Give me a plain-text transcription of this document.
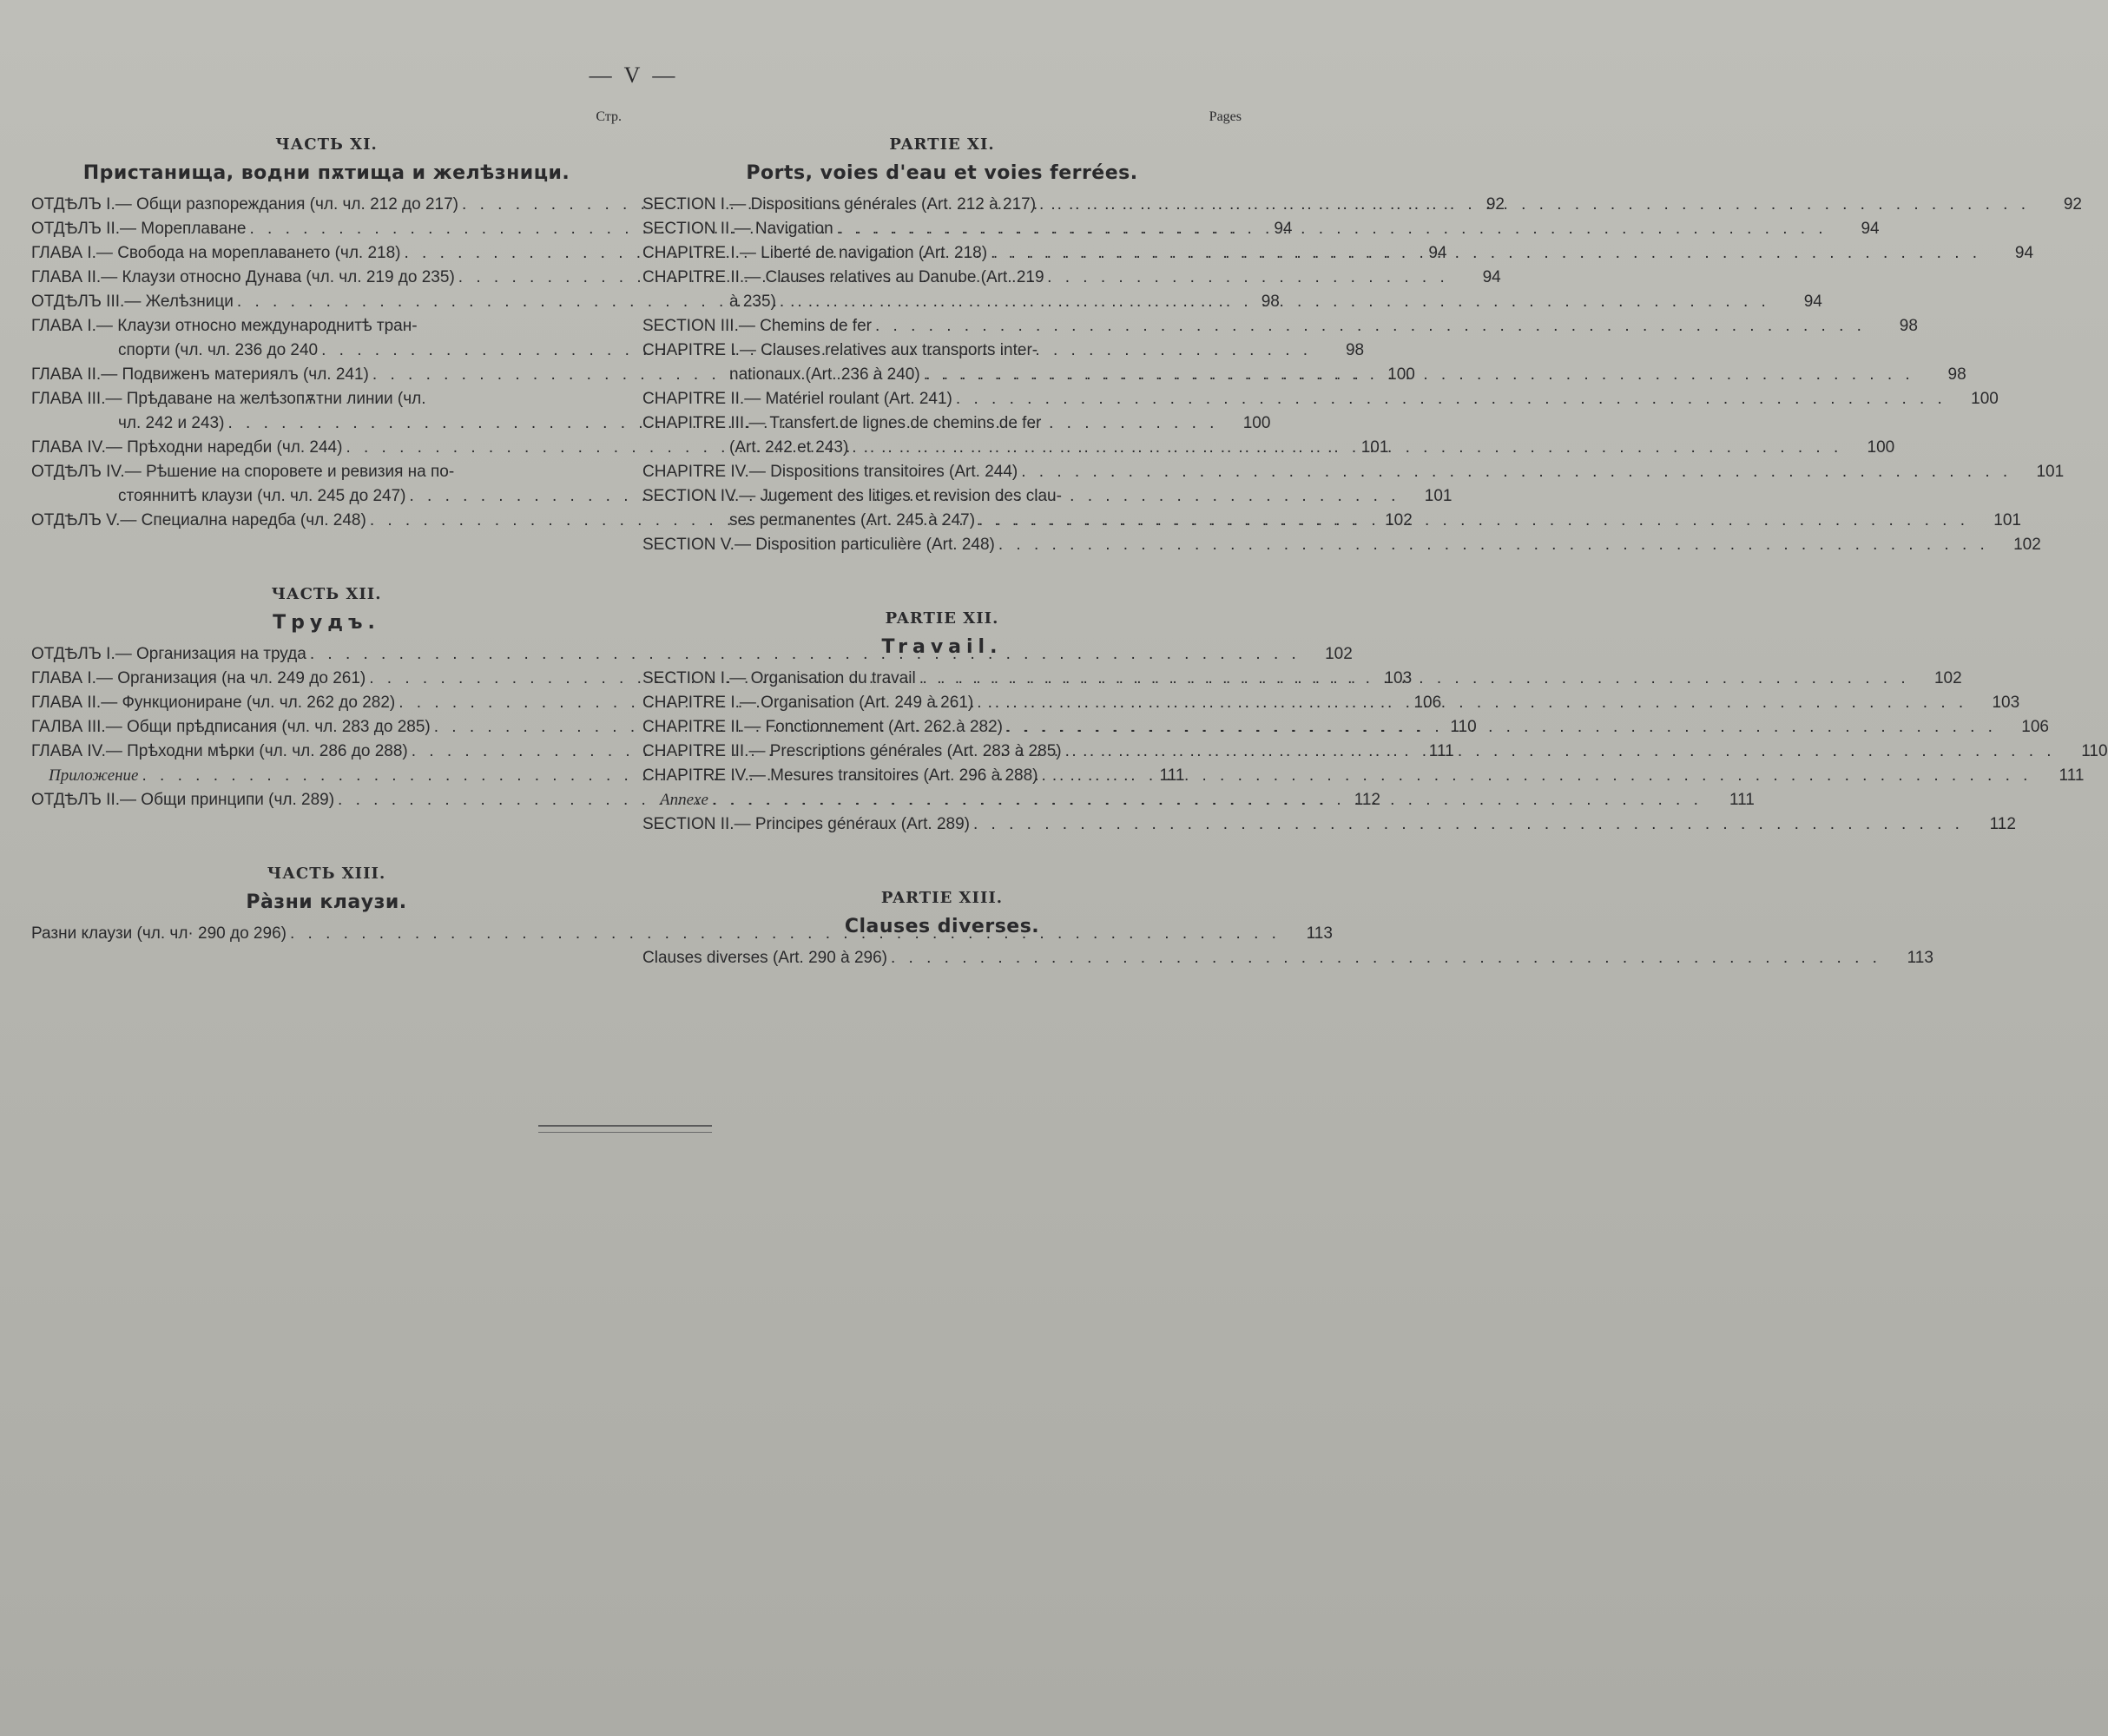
— V —
Стр.
ЧАСТЬ XI.
Пристанища, водни пѫтища и желѣзници.
ОТДѢЛЪ I. — Общи разпореждания (чл. чл. 212 до 217) . . .	92
ОТДѢЛЪ II. — Мореплаване . . .	94
ГЛАВА I. — Свобода на мореплаването (чл. 218) . . .	94
ГЛАВА II. — Клаузи относно Дунава (чл. чл. 219 до 235) . . .	94
ОТДѢЛЪ III. — Желѣзници . . .	98
ГЛАВА I. — Клаузи относно международнитѣ тран-
спорти (чл. чл. 236 до 240 . . .	98
ГЛАВА II. — Подвиженъ материялъ (чл. 241) . . .	100
ГЛАВА III. — Прѣдаване на желѣзопѫтни линии (чл.
чл. 242 и 243) . . .	100
ГЛАВА IV. — Прѣходни наредби (чл. 244) . . .	101
ОТДѢЛЪ IV. — Рѣшение на споровете и ревизия на по-
стояннитѣ клаузи (чл. чл. 245 до 247) . . .	101
ОТДѢЛЪ V. — Специална наредба (чл. 248) . . .	102
ЧАСТЬ XII.
Трудъ.
ОТДѢЛЪ I. — Организация на труда . . .	102
ГЛАВА I. — Организация (на чл. 249 до 261) . . .	103
ГЛАВА II. — Функциониране (чл. чл. 262 до 282) . . .	106
ГАЛВА III. — Общи прѣдписания (чл. чл. 283 до 285) . . .	110
ГЛАВА IV. — Прѣходни мѣрки (чл. чл. 286 до 288) . . .	111
Приложение . . .	111
ОТДѢЛЪ II. — Общи принципи (чл. 289) . . .	112
ЧАСТЬ XIII.
Ра̀зни клаузи.
Разни клаузи (чл. чл· 290 до 296) . . .	113
Pages
PARTIE XI.
Ports, voies d'eau et voies ferrées.
SECTION I. — Dispositions générales (Art. 212 à 217) . . .	92
SECTION II. — Navigation . . .	94
CHAPITRE I. — Liberté de navigation (Art. 218) . . .	94
CHAPITRE II. — Clauses relatives au Danube (Art. 219
à 235) . . .	94
SECTION III. — Chemins de fer . . .	98
CHAPITRE I. — Clauses relatives aux transports inter-
nationaux (Art. 236 à 240) . . .	98
CHAPITRE II. — Matériel roulant (Art. 241) . . .	100
CHAPITRE III. — Transfert de lignes de chemins de fer
(Art. 242 et 243) . . .	100
CHAPITRE IV. — Dispositions transitoires (Art. 244) . . .	101
SECTION IV. — Jugement des litiges et revision des clau-
ses permanentes (Art. 245 à 247) . . .	101
SECTION V. — Disposition particulière (Art. 248) . . .	102
PARTIE XII.
Travail.
SECTION I. — Organisation du travail . . .	102
CHAPITRE I. — Organisation (Art. 249 à 261) . . .	103
CHAPITRE II. — Fonctionnement (Art. 262 à 282) . . .	106
CHAPITRE III. — Prescriptions générales (Art. 283 à 285) . . .	110
CHAPITRE IV. — Mesures transitoires (Art. 296 à 288) . . .	111
Annexe . . .	111
SECTION II. — Principes généraux (Art. 289) . . .	112
PARTIE XIII.
Clauses diverses.
Clauses diverses (Art. 290 à 296) . . .	113
